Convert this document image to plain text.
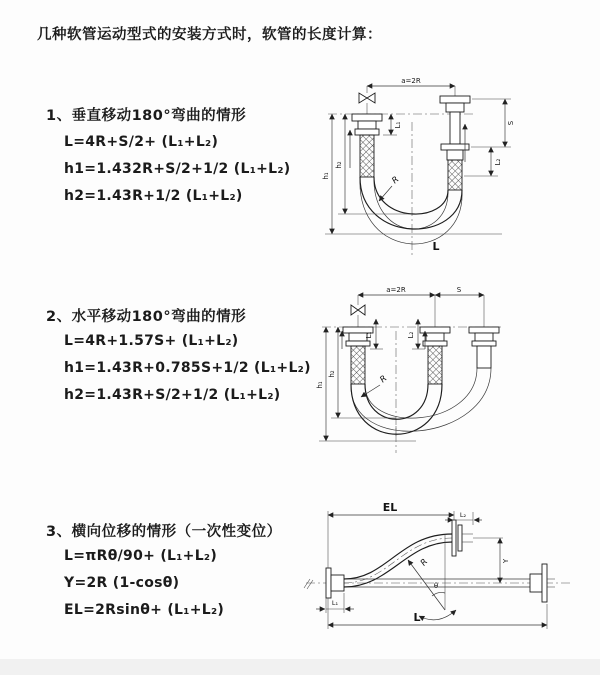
几种软管运动型式的安装方式时，软管的长度计算：
1、垂直移动180°弯曲的情形
L=4R+S/2+ (L₁+L₂)
h1=1.432R+S/2+1/2 (L₁+L₂)
h2=1.43R+1/2 (L₁+L₂)
2、水平移动180°弯曲的情形
L=4R+1.57S+ (L₁+L₂)
h1=1.43R+0.785S+1/2 (L₁+L₂)
h2=1.43R+S/2+1/2 (L₁+L₂)
3、横向位移的情形（一次性变位）
L=πRθ/90+ (L₁+L₂)
Y=2R (1-cosθ)
EL=2Rsinθ+ (L₁+L₂)
a=2R
S
L₂
L₁
h₂
h₁	R
L
a=2R	S
L₁	L₂
h₂
h₁	R
EL
L₂
Y
L
L₁
R
θ
